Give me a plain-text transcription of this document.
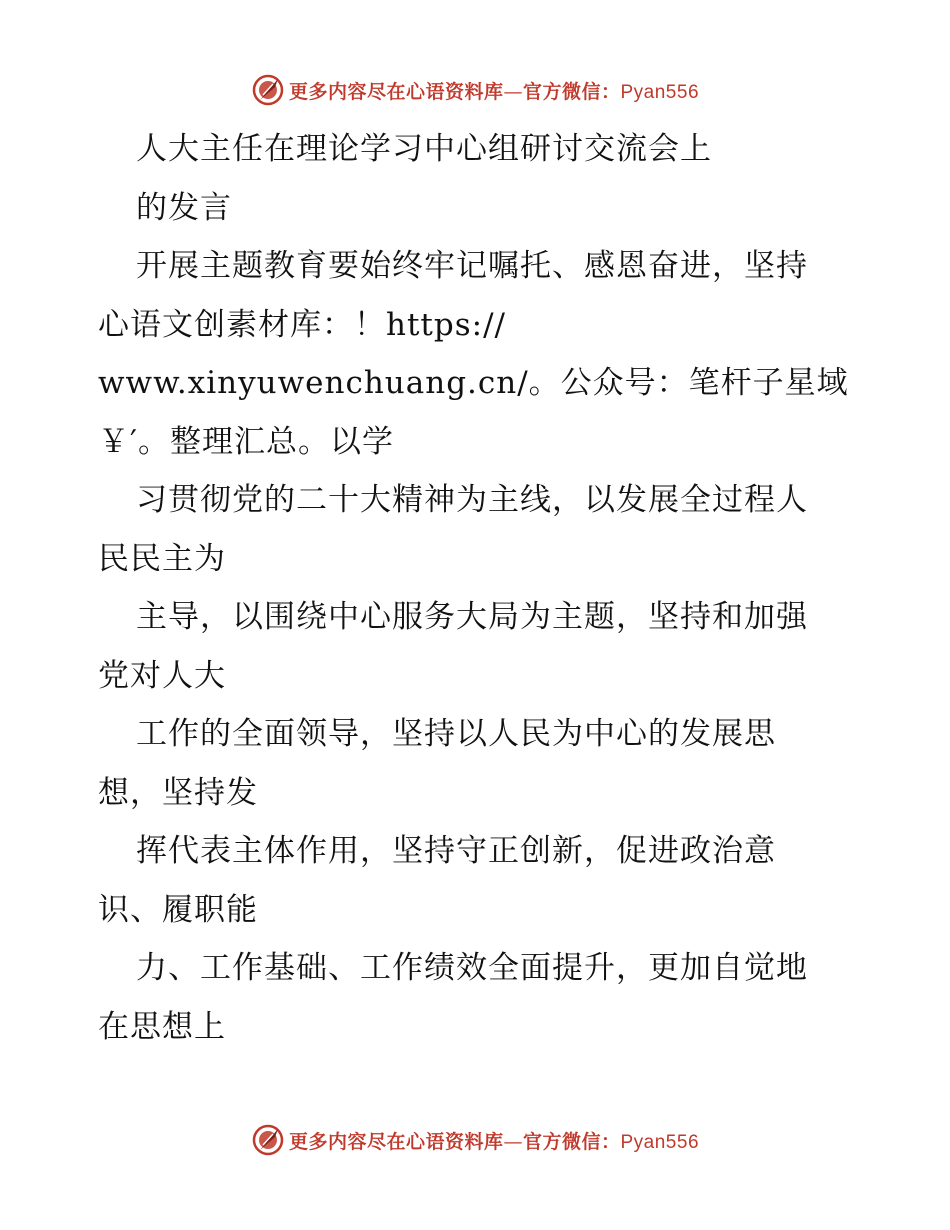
更多内容尽在心语资料库—官方微信：Pyan556
人大主任在理论学习中心组研讨交流会上
的发言
开展主题教育要始终牢记嘱托、感恩奋进，坚持
心语文创素材库：！https://
www.xinyuwenchuang.cn/。公众号：笔杆子星域
￥′。整理汇总。以学
习贯彻党的二十大精神为主线，以发展全过程人
民民主为
主导，以围绕中心服务大局为主题，坚持和加强
党对人大
工作的全面领导，坚持以人民为中心的发展思
想，坚持发
挥代表主体作用，坚持守正创新，促进政治意
识、履职能
力、工作基础、工作绩效全面提升，更加自觉地
在思想上
更多内容尽在心语资料库—官方微信：Pyan556
